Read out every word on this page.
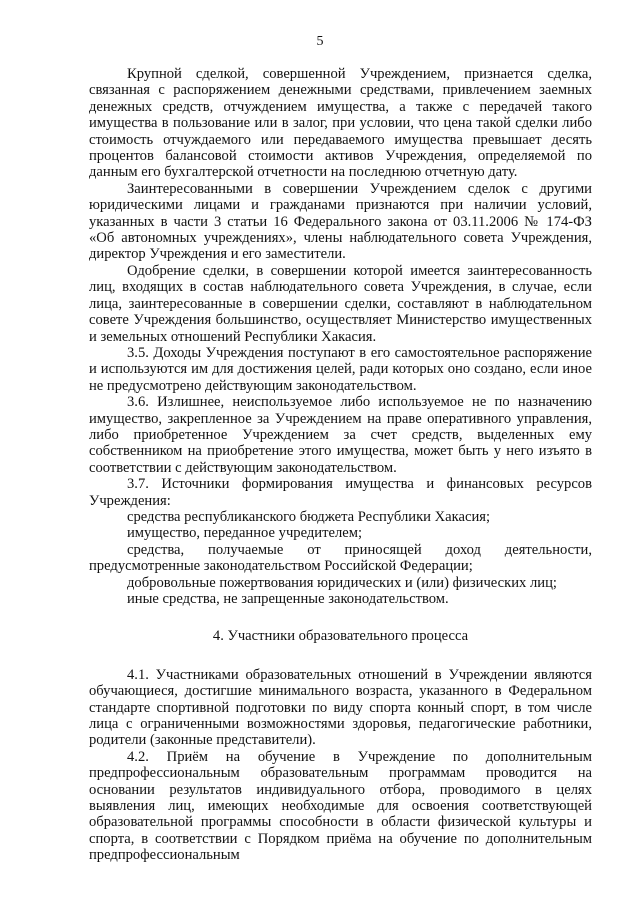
5

Крупной сделкой, совершенной Учреждением, признается сделка, связанная с распоряжением денежными средствами, привлечением заемных денежных средств, отчуждением имущества, а также с передачей такого имущества в пользование или в залог, при условии, что цена такой сделки либо стоимость отчуждаемого или передаваемого имущества превышает десять процентов балансовой стоимости активов Учреждения, определяемой по данным его бухгалтерской отчетности на последнюю отчетную дату.

Заинтересованными в совершении Учреждением сделок с другими юридическими лицами и гражданами признаются при наличии условий, указанных в части 3 статьи 16 Федерального закона от 03.11.2006 № 174-ФЗ «Об автономных учреждениях», члены наблюдательного совета Учреждения, директор Учреждения и его заместители.

Одобрение сделки, в совершении которой имеется заинтересованность лиц, входящих в состав наблюдательного совета Учреждения, в случае, если лица, заинтересованные в совершении сделки, составляют в наблюдательном совете Учреждения большинство, осуществляет Министерство имущественных и земельных отношений Республики Хакасия.

3.5. Доходы Учреждения поступают в его самостоятельное распоряжение и используются им для достижения целей, ради которых оно создано, если иное не предусмотрено действующим законодательством.

3.6. Излишнее, неиспользуемое либо используемое не по назначению имущество, закрепленное за Учреждением на праве оперативного управления, либо приобретенное Учреждением за счет средств, выделенных ему собственником на приобретение этого имущества, может быть у него изъято в соответствии с действующим законодательством.

3.7. Источники формирования имущества и финансовых ресурсов Учреждения:

средства республиканского бюджета Республики Хакасия;

имущество, переданное учредителем;

средства, получаемые от приносящей доход деятельности, предусмотренные законодательством Российской Федерации;

добровольные пожертвования юридических и (или) физических лиц;

иные средства, не запрещенные законодательством.

4. Участники образовательного процесса

4.1. Участниками образовательных отношений в Учреждении являются обучающиеся, достигшие минимального возраста, указанного в Федеральном стандарте спортивной подготовки по виду спорта конный спорт, в том числе лица с ограниченными возможностями здоровья, педагогические работники, родители (законные представители).

4.2. Приём на обучение в Учреждение по дополнительным предпрофессиональным образовательным программам проводится на основании результатов индивидуального отбора, проводимого в целях выявления лиц, имеющих необходимые для освоения соответствующей образовательной программы способности в области физической культуры и спорта, в соответствии с Порядком приёма на обучение по дополнительным предпрофессиональным
